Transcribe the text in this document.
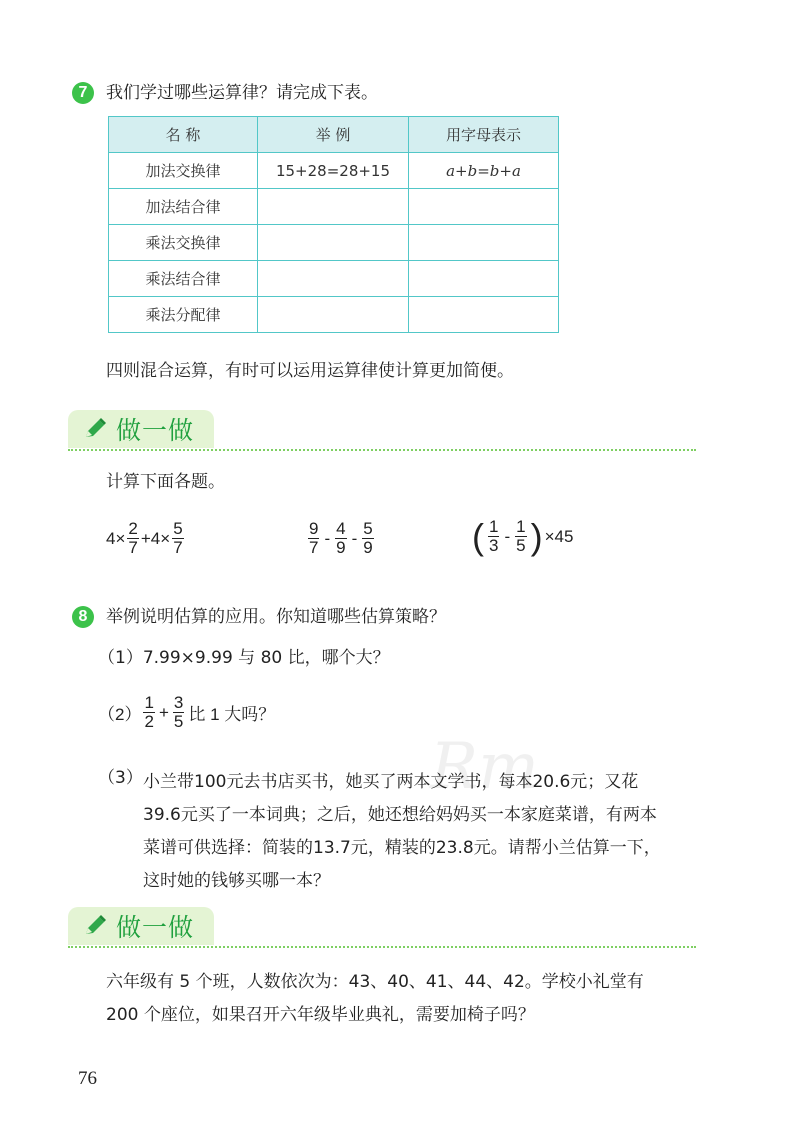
Rm
7	我们学过哪些运算律？请完成下表。
名 称	举 例	用字母表示
加法交换律	15+28=28+15	a+b=b+a
加法结合律		
乘法交换律		
乘法结合律		
乘法分配律		
四则混合运算，有时可以运用运算律使计算更加简便。
做一做
计算下面各题。
$4 \times \frac{2}{7} +4\times \frac{5}{7}$	$\frac{9}{7} - \frac{4}{9} - \frac{5}{9}$	( $\frac{1}{3} - \frac{1}{5}$ ) ×45
8	举例说明估算的应用。你知道哪些估算策略？
（1）7.99×9.99 与 80 比，哪个大？
$(2) \frac{1}{2} + \frac{3}{5}$ 比 1 大吗？
（3） 小兰带100元去书店买书，她买了两本文学书，每本20.6元；又花
39.6元买了一本词典；之后，她还想给妈妈买一本家庭菜谱，有两本
菜谱可供选择：简装的13.7元，精装的23.8元。请帮小兰估算一下，
这时她的钱够买哪一本？
做一做
六年级有 5 个班，人数依次为：43、40、41、44、42。学校小礼堂有
200 个座位，如果召开六年级毕业典礼，需要加椅子吗？
76
